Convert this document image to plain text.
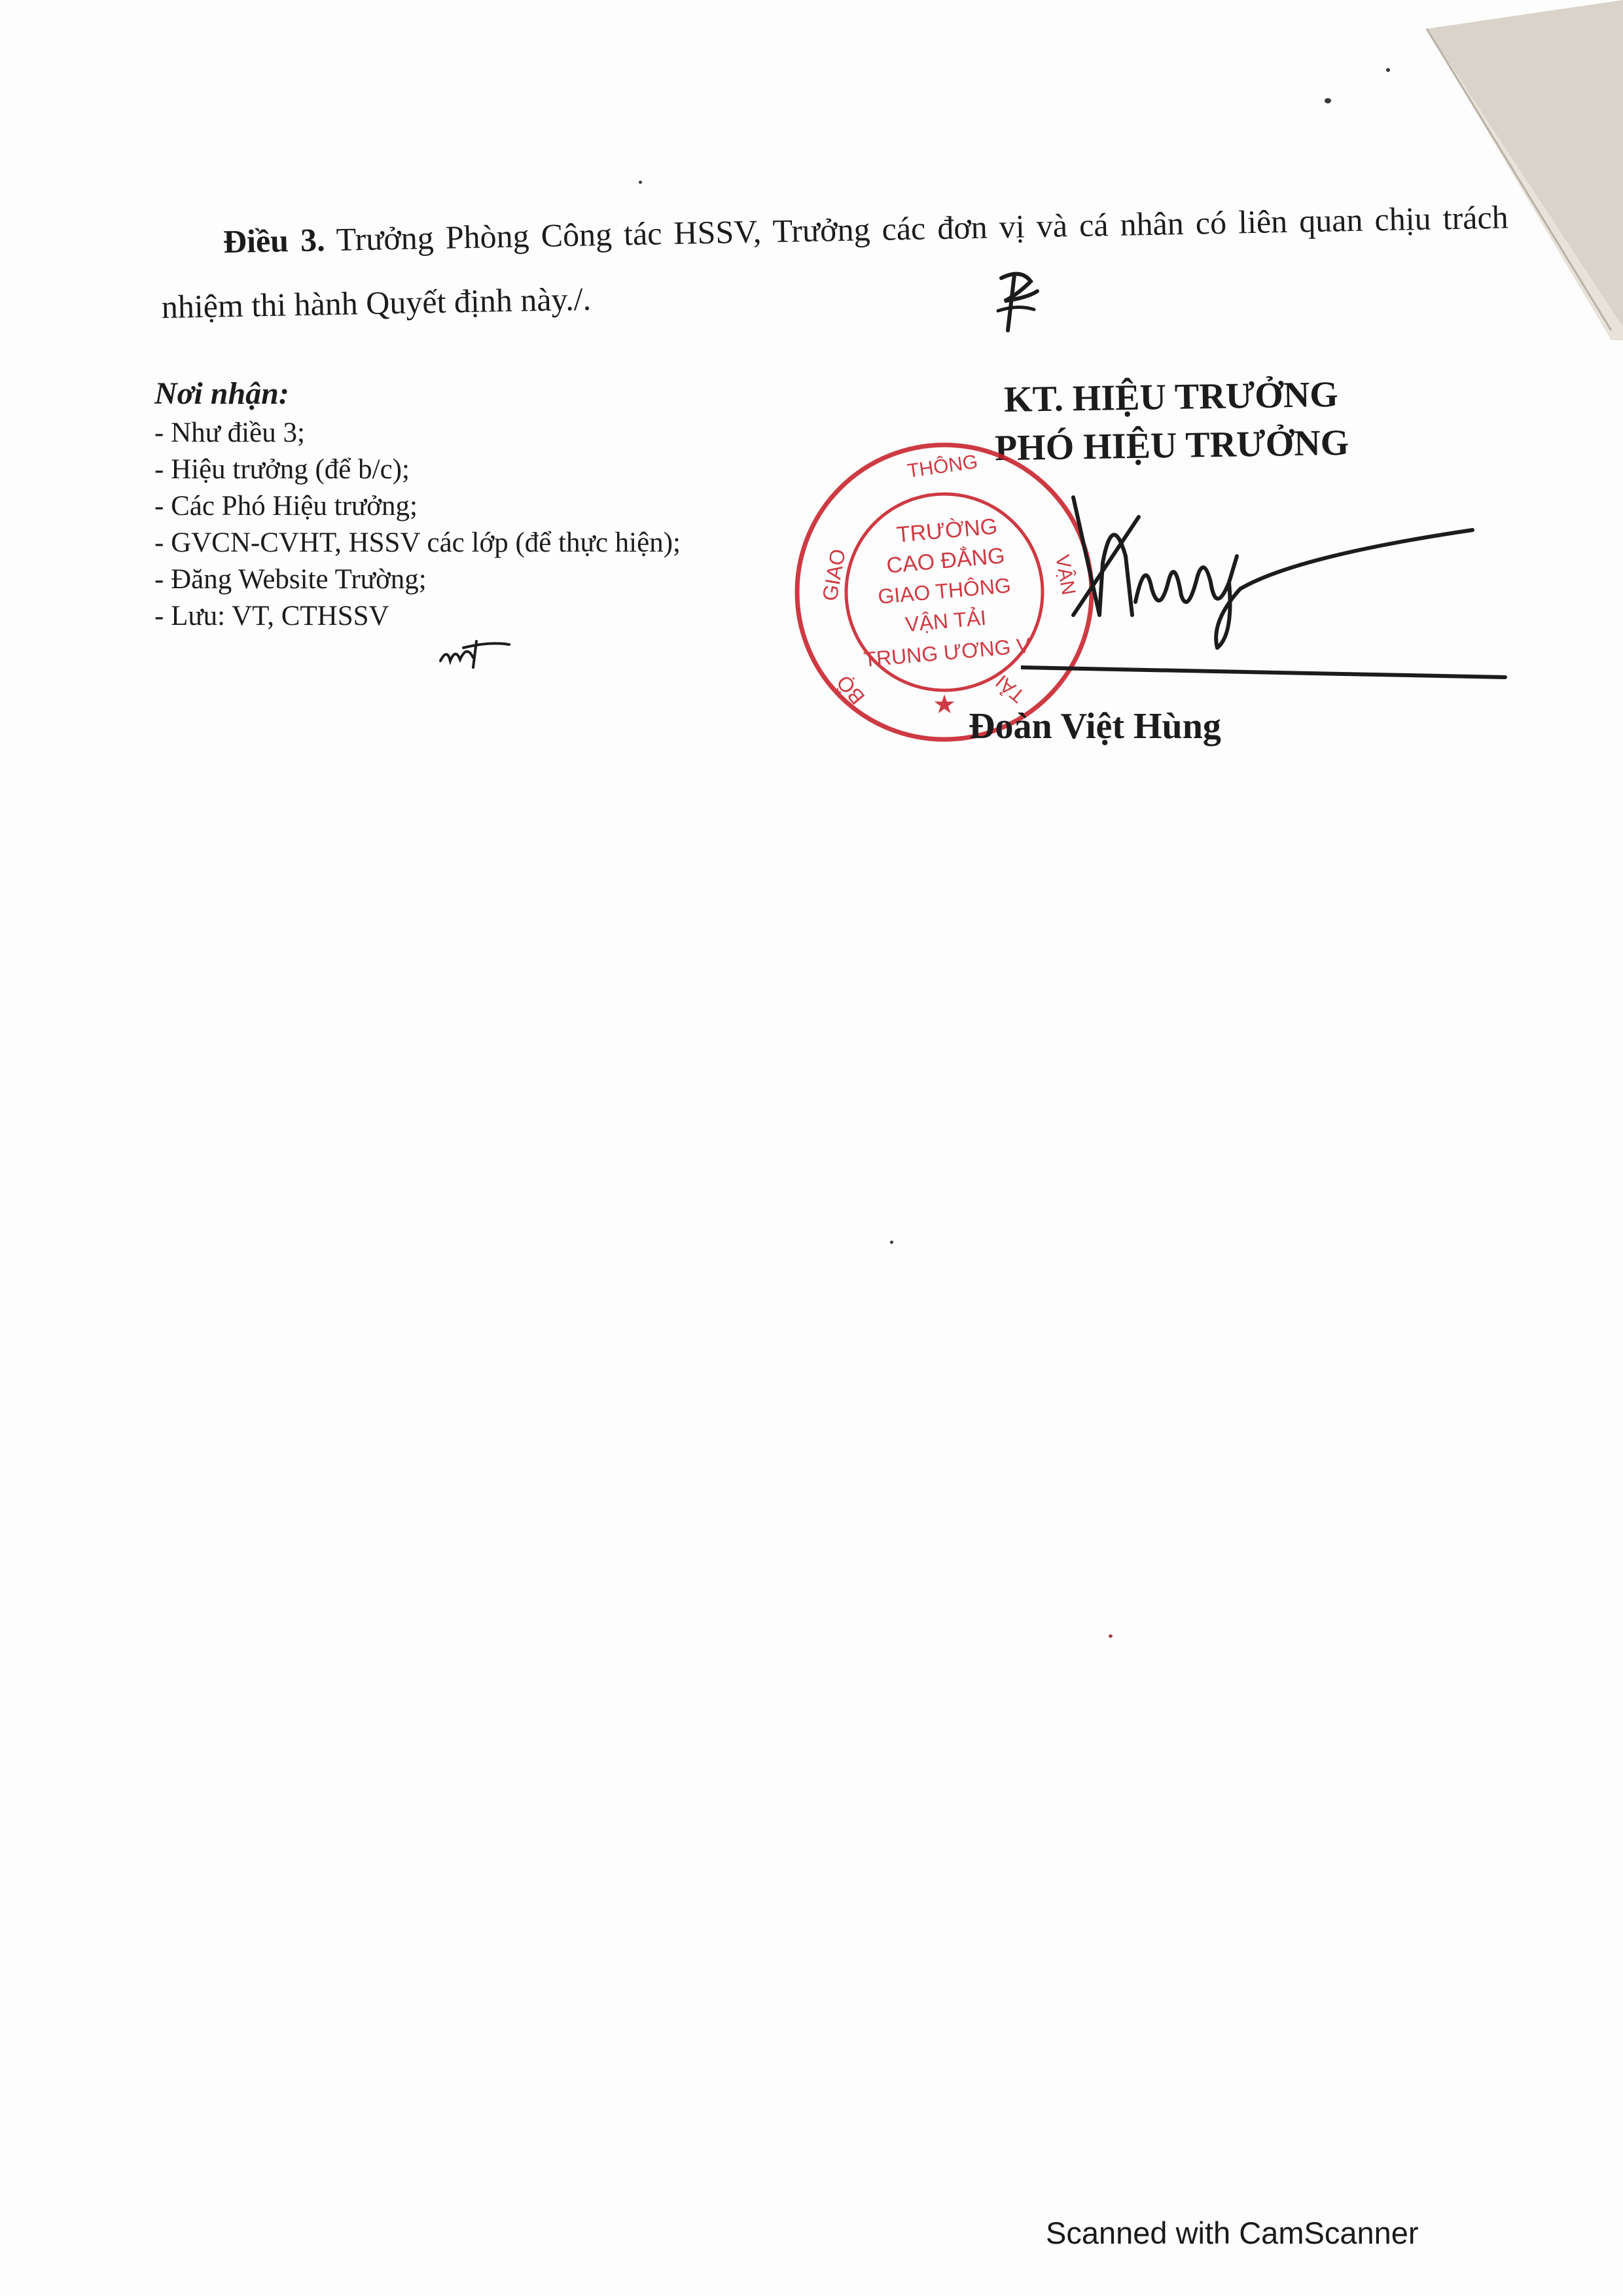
Điều 3. Trưởng Phòng Công tác HSSV, Trưởng các đơn vị và cá nhân có liên quan chịu trách nhiệm thi hành Quyết định này./.
Nơi nhận:
- Như điều 3;
- Hiệu trưởng (để b/c);
- Các Phó Hiệu trưởng;
- GVCN-CVHT, HSSV các lớp (để thực hiện);
- Đăng Website Trường;
- Lưu: VT, CTHSSV
KT. HIỆU TRƯỞNG
PHÓ HIỆU TRƯỞNG
★
GIAO
BỘ
THÔNG
VẬN
TẢI
TRƯỜNG
CAO ĐẲNG
GIAO THÔNG
VẬN TẢI
TRUNG ƯƠNG V
Đoàn Việt Hùng
Scanned with CamScanner
